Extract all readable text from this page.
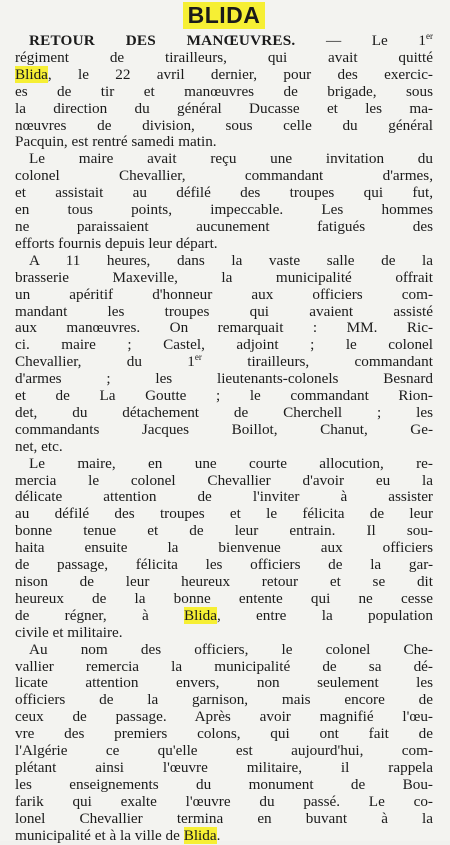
BLIDA

RETOUR DES MANŒUVRES. — Le 1er
régiment de tirailleurs, qui avait quitté
Blida, le 22 avril dernier, pour des exercic-
es de tir et manœuvres de brigade, sous
la direction du général Ducasse et les ma-
nœuvres de division, sous celle du général
Pacquin, est rentré samedi matin.

Le maire avait reçu une invitation du
colonel Chevallier, commandant d'armes,
et assistait au défilé des troupes qui fut,
en tous points, impeccable. Les hommes
ne paraissaient aucunement fatigués des
efforts fournis depuis leur départ.

A 11 heures, dans la vaste salle de la
brasserie Maxeville, la municipalité offrait
un apéritif d'honneur aux officiers com-
mandant les troupes qui avaient assisté
aux manœuvres. On remarquait : MM. Ric-
ci. maire ; Castel, adjoint ; le colonel
Chevallier, du 1er tirailleurs, commandant
d'armes ; les lieutenants-colonels Besnard
et de La Goutte ; le commandant Rion-
det, du détachement de Cherchell ; les
commandants Jacques Boillot, Chanut, Ge-
net, etc.

Le maire, en une courte allocution, re-
mercia le colonel Chevallier d'avoir eu la
délicate attention de l'inviter à assister
au défilé des troupes et le félicita de leur
bonne tenue et de leur entrain. Il sou-
haita ensuite la bienvenue aux officiers
de passage, félicita les officiers de la gar-
nison de leur heureux retour et se dit
heureux de la bonne entente qui ne cesse
de régner, à Blida, entre la population
civile et militaire.

Au nom des officiers, le colonel Che-
vallier remercia la municipalité de sa dé-
licate attention envers, non seulement les
officiers de la garnison, mais encore de
ceux de passage. Après avoir magnifié l'œu-
vre des premiers colons, qui ont fait de
l'Algérie ce qu'elle est aujourd'hui, com-
plétant ainsi l'œuvre militaire, il rappela
les enseignements du monument de Bou-
farik qui exalte l'œuvre du passé. Le co-
lonel Chevallier termina en buvant à la
municipalité et à la ville de Blida.
